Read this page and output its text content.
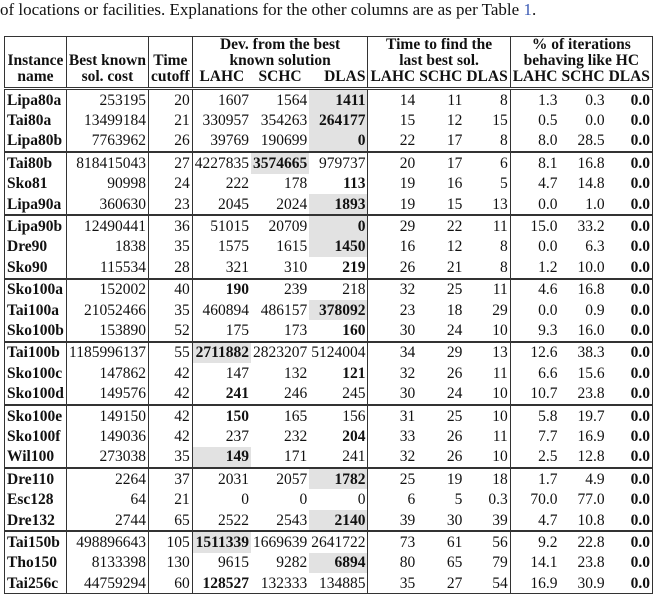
of locations or facilities. Explanations for the other columns are as per Table 1.
			Dev. from the best			Time to find the			% of iterations		
Instance	Best known	Time	known solution			last best sol.			behaving like HC		
name	sol. cost	cutoff	LAHC	SCHC	DLAS	LAHC	SCHC	DLAS	LAHC	SCHC	DLAS
Lipa80a	253195	20	1607	1564	1411	14	11	8	1.3	0.3	0.0
Tai80a	13499184	21	330957	354263	264177	15	12	15	0.5	0.0	0.0
Lipa80b	7763962	26	39769	190699	0	22	17	8	8.0	28.5	0.0
Tai80b	818415043	27	4227835	3574665	979737	20	17	6	8.1	16.8	0.0
Sko81	90998	24	222	178	113	19	16	5	4.7	14.8	0.0
Lipa90a	360630	23	2045	2024	1893	19	15	13	0.0	1.0	0.0
Lipa90b	12490441	36	51015	20709	0	29	22	11	15.0	33.2	0.0
Dre90	1838	35	1575	1615	1450	16	12	8	0.0	6.3	0.0
Sko90	115534	28	321	310	219	26	21	8	1.2	10.0	0.0
Sko100a	152002	40	190	239	218	32	25	11	4.6	16.8	0.0
Tai100a	21052466	35	460894	486157	378092	23	18	29	0.0	0.9	0.0
Sko100b	153890	52	175	173	160	30	24	10	9.3	16.0	0.0
Tai100b	1185996137	55	2711882	2823207	5124004	34	29	13	12.6	38.3	0.0
Sko100c	147862	42	147	132	121	32	26	11	6.6	15.6	0.0
Sko100d	149576	42	241	246	245	30	24	10	10.7	23.8	0.0
Sko100e	149150	42	150	165	156	31	25	10	5.8	19.7	0.0
Sko100f	149036	42	237	232	204	33	26	11	7.7	16.9	0.0
Wil100	273038	35	149	171	241	32	26	10	2.5	12.8	0.0
Dre110	2264	37	2031	2057	1782	25	19	18	1.7	4.9	0.0
Esc128	64	21	0	0	0	6	5	0.3	70.0	77.0	0.0
Dre132	2744	65	2522	2543	2140	39	30	39	4.7	10.8	0.0
Tai150b	498896643	105	1511339	1669639	2641722	73	61	56	9.2	22.8	0.0
Tho150	8133398	130	9615	9282	6894	80	65	79	14.1	23.8	0.0
Tai256c	44759294	60	128527	132333	134885	35	27	54	16.9	30.9	0.0
